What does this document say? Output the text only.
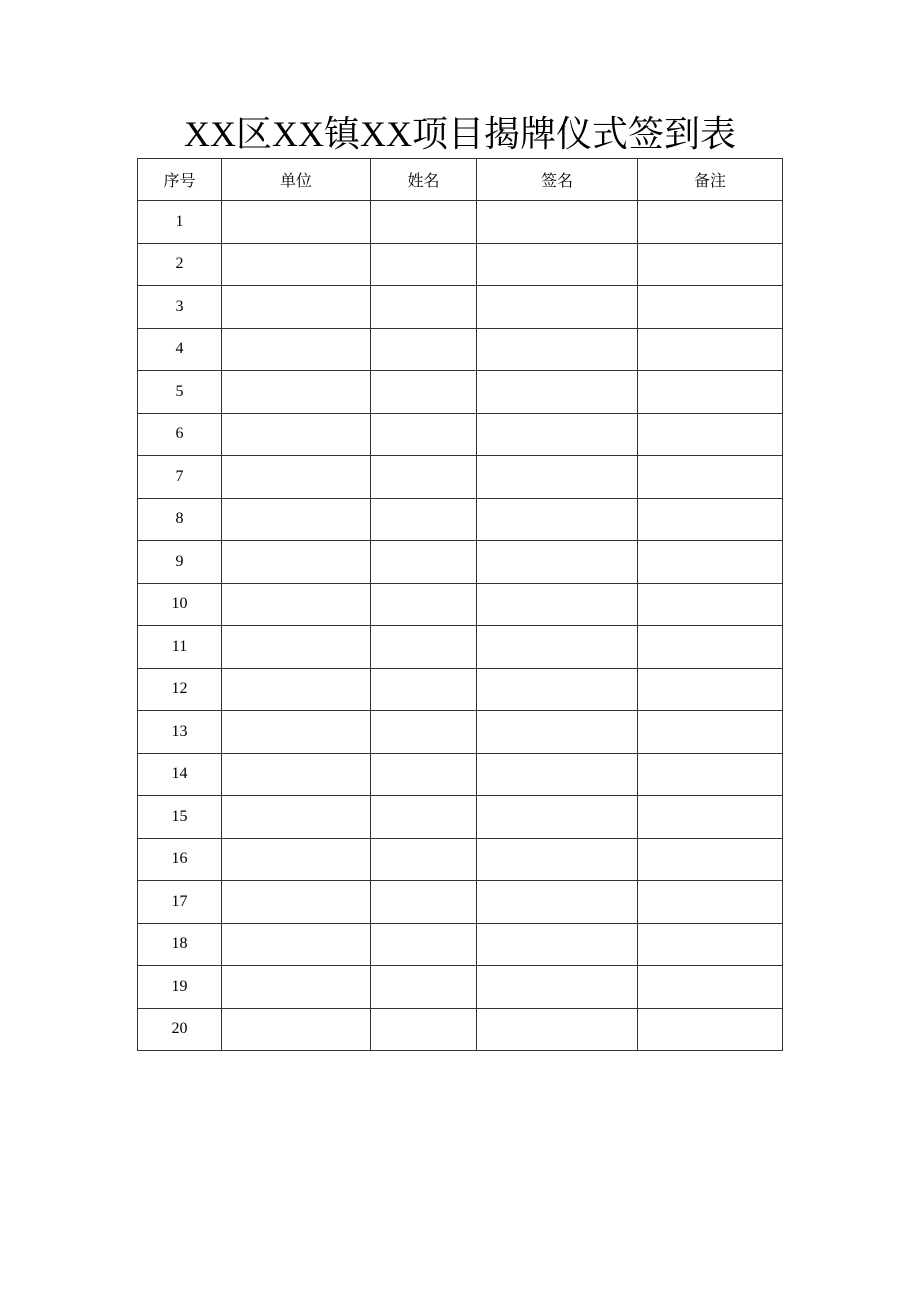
XX区XX镇XX项目揭牌仪式签到表
序号	单位	姓名	签名	备注
1				
2				
3				
4				
5				
6				
7				
8				
9				
10				
11				
12				
13				
14				
15				
16				
17				
18				
19				
20				
